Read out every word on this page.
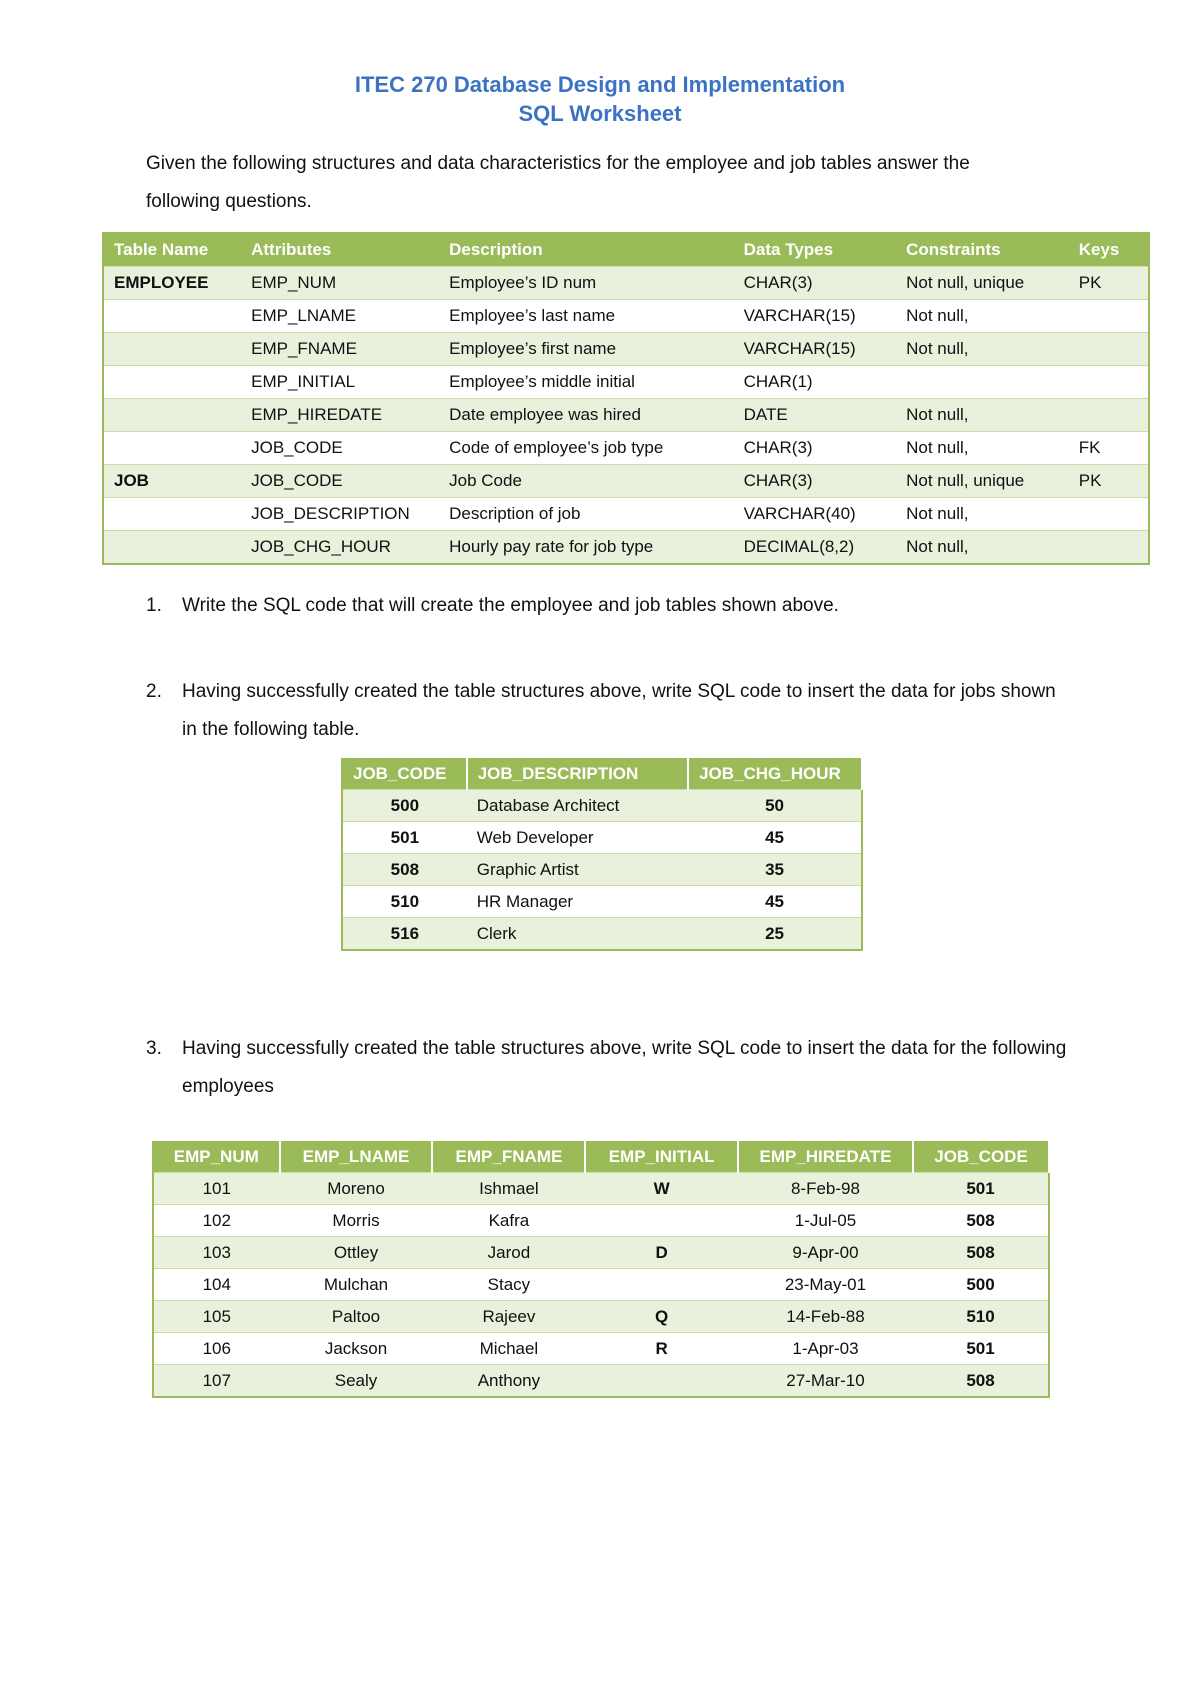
ITEC 270 Database Design and Implementation
SQL Worksheet
Given the following structures and data characteristics for the employee and job tables answer the following questions.
Table Name	Attributes	Description	Data Types	Constraints	Keys
EMPLOYEE	EMP_NUM	Employee’s ID num	CHAR(3)	Not null, unique	PK
	EMP_LNAME	Employee’s last name	VARCHAR(15)	Not null,	
	EMP_FNAME	Employee’s first name	VARCHAR(15)	Not null,	
	EMP_INITIAL	Employee’s middle initial	CHAR(1)		
	EMP_HIREDATE	Date employee was hired	DATE	Not null,	
	JOB_CODE	Code of employee’s job type	CHAR(3)	Not null,	FK
JOB	JOB_CODE	Job Code	CHAR(3)	Not null, unique	PK
	JOB_DESCRIPTION	Description of job	VARCHAR(40)	Not null,	
	JOB_CHG_HOUR	Hourly pay rate for job type	DECIMAL(8,2)	Not null,	
1. Write the SQL code that will create the employee and job tables shown above.
2. Having successfully created the table structures above, write SQL code to insert the data for jobs shown in the following table.
JOB_CODE	JOB_DESCRIPTION	JOB_CHG_HOUR
500	Database Architect	50
501	Web Developer	45
508	Graphic Artist	35
510	HR Manager	45
516	Clerk	25
3. Having successfully created the table structures above, write SQL code to insert the data for the following employees
EMP_NUM	EMP_LNAME	EMP_FNAME	EMP_INITIAL	EMP_HIREDATE	JOB_CODE
101	Moreno	Ishmael	W	8-Feb-98	501
102	Morris	Kafra		1-Jul-05	508
103	Ottley	Jarod	D	9-Apr-00	508
104	Mulchan	Stacy		23-May-01	500
105	Paltoo	Rajeev	Q	14-Feb-88	510
106	Jackson	Michael	R	1-Apr-03	501
107	Sealy	Anthony		27-Mar-10	508
